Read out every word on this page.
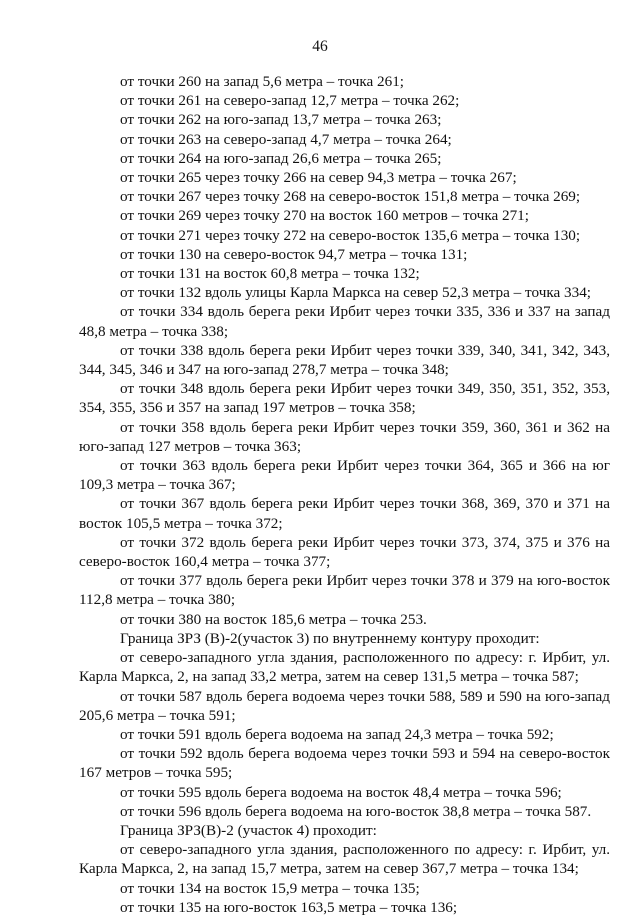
46

от точки 260 на запад 5,6 метра – точка 261;

от точки 261 на северо-запад 12,7 метра – точка 262;

от точки 262 на юго-запад 13,7 метра – точка 263;

от точки 263 на северо-запад 4,7 метра – точка 264;

от точки 264 на юго-запад 26,6 метра – точка 265;

от точки 265 через точку 266 на север 94,3 метра – точка 267;

от точки 267 через точку 268 на северо-восток 151,8 метра – точка 269;

от точки 269 через точку 270 на восток 160 метров – точка 271;

от точки 271 через точку 272 на северо-восток 135,6 метра – точка 130;

от точки 130 на северо-восток 94,7 метра – точка 131;

от точки 131 на восток 60,8 метра – точка 132;

от точки 132 вдоль улицы Карла Маркса на север 52,3 метра – точка 334;

от точки 334 вдоль берега реки Ирбит через точки 335, 336 и 337 на запад 48,8 метра – точка 338;

от точки 338 вдоль берега реки Ирбит через точки 339, 340, 341, 342, 343, 344, 345, 346 и 347 на юго-запад 278,7 метра – точка 348;

от точки 348 вдоль берега реки Ирбит через точки 349, 350, 351, 352, 353, 354, 355, 356 и 357 на запад 197 метров – точка 358;

от точки 358 вдоль берега реки Ирбит через точки 359, 360, 361 и 362 на юго-запад 127 метров – точка 363;

от точки 363 вдоль берега реки Ирбит через точки 364, 365 и 366 на юг 109,3 метра – точка 367;

от точки 367 вдоль берега реки Ирбит через точки 368, 369, 370 и 371 на восток 105,5 метра – точка 372;

от точки 372 вдоль берега реки Ирбит через точки 373, 374, 375 и 376 на северо-восток 160,4 метра – точка 377;

от точки 377 вдоль берега реки Ирбит через точки 378 и 379 на юго-восток 112,8 метра – точка 380;

от точки 380 на восток 185,6 метра – точка 253.

Граница ЗРЗ (В)-2(участок 3) по внутреннему контуру проходит:

от северо-западного угла здания, расположенного по адресу: г. Ирбит, ул. Карла Маркса, 2, на запад 33,2 метра, затем на север 131,5 метра – точка 587;

от точки 587 вдоль берега водоема через точки 588, 589 и 590 на юго-запад 205,6 метра – точка 591;

от точки 591 вдоль берега водоема на запад 24,3 метра – точка 592;

от точки 592 вдоль берега водоема через точки 593 и 594 на северо-восток 167 метров – точка 595;

от точки 595 вдоль берега водоема на восток 48,4 метра – точка 596;

от точки 596 вдоль берега водоема на юго-восток 38,8 метра – точка 587.

Граница ЗРЗ(В)-2 (участок 4) проходит:

от северо-западного угла здания, расположенного по адресу: г. Ирбит, ул. Карла Маркса, 2, на запад 15,7 метра, затем на север 367,7 метра – точка 134;

от точки 134 на восток 15,9 метра – точка 135;

от точки 135 на юго-восток 163,5 метра – точка 136;
